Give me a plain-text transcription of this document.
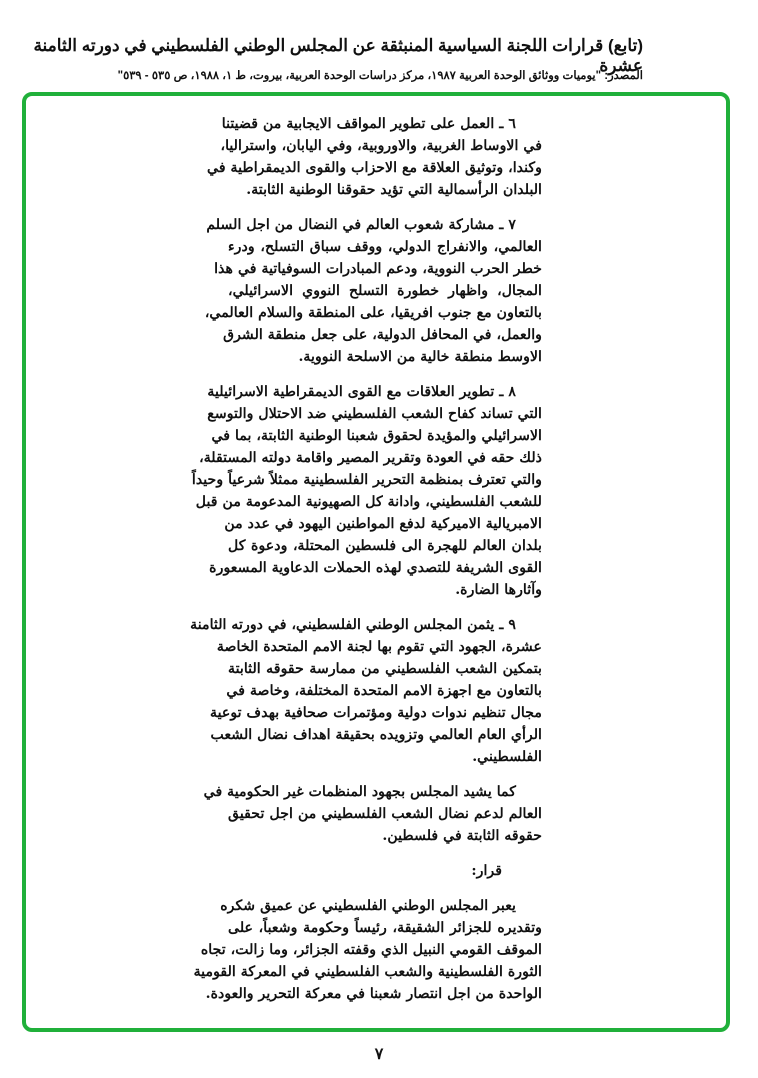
(تابع) قرارات اللجنة السياسية المنبثقة عن المجلس الوطني الفلسطيني في دورته الثامنة عشرة
المصدر: "يوميات ووثائق الوحدة العربية ١٩٨٧، مركز دراسات الوحدة العربية، بيروت، ط ١، ١٩٨٨، ص ٥٣٥ - ٥٣٩"
٦ ـ العمل على تطوير المواقف الايجابية من قضيتنا
في الاوساط الغربية، والاوروبية، وفي اليابان، واستراليا،
وكندا، وتوثيق العلاقة مع الاحزاب والقوى الديمقراطية في
البلدان الرأسمالية التي تؤيد حقوقنا الوطنية الثابتة.
٧ ـ مشاركة شعوب العالم في النضال من اجل السلم
العالمي، والانفراج الدولي، ووقف سباق التسلح، ودرء
خطر الحرب النووية، ودعم المبادرات السوفياتية في هذا
المجال، واظهار خطورة التسلح النووي الاسرائيلي،
بالتعاون مع جنوب افريقيا، على المنطقة والسلام العالمي،
والعمل، في المحافل الدولية، على جعل منطقة الشرق
الاوسط منطقة خالية من الاسلحة النووية.
٨ ـ تطوير العلاقات مع القوى الديمقراطية الاسرائيلية
التي تساند كفاح الشعب الفلسطيني ضد الاحتلال والتوسع
الاسرائيلي والمؤيدة لحقوق شعبنا الوطنية الثابتة، بما في
ذلك حقه في العودة وتقرير المصير واقامة دولته المستقلة،
والتي تعترف بمنظمة التحرير الفلسطينية ممثلاً شرعياً وحيداً
للشعب الفلسطيني، وادانة كل الصهيونية المدعومة من قبل
الامبريالية الاميركية لدفع المواطنين اليهود في عدد من
بلدان العالم للهجرة الى فلسطين المحتلة، ودعوة كل
القوى الشريفة للتصدي لهذه الحملات الدعاوية المسعورة
وآثارها الضارة.
٩ ـ يثمن المجلس الوطني الفلسطيني، في دورته الثامنة
عشرة، الجهود التي تقوم بها لجنة الامم المتحدة الخاصة
بتمكين الشعب الفلسطيني من ممارسة حقوقه الثابتة
بالتعاون مع اجهزة الامم المتحدة المختلفة، وخاصة في
مجال تنظيم ندوات دولية ومؤتمرات صحافية بهدف توعية
الرأي العام العالمي وتزويده بحقيقة اهداف نضال الشعب
الفلسطيني.
كما يشيد المجلس بجهود المنظمات غير الحكومية في
العالم لدعم نضال الشعب الفلسطيني من اجل تحقيق
حقوقه الثابتة في فلسطين.
قرار:
يعبر المجلس الوطني الفلسطيني عن عميق شكره
وتقديره للجزائر الشقيقة، رئيساً وحكومة وشعباً، على
الموقف القومي النبيل الذي وقفته الجزائر، وما زالت، تجاه
الثورة الفلسطينية والشعب الفلسطيني في المعركة القومية
الواحدة من اجل انتصار شعبنا في معركة التحرير والعودة.
٧
